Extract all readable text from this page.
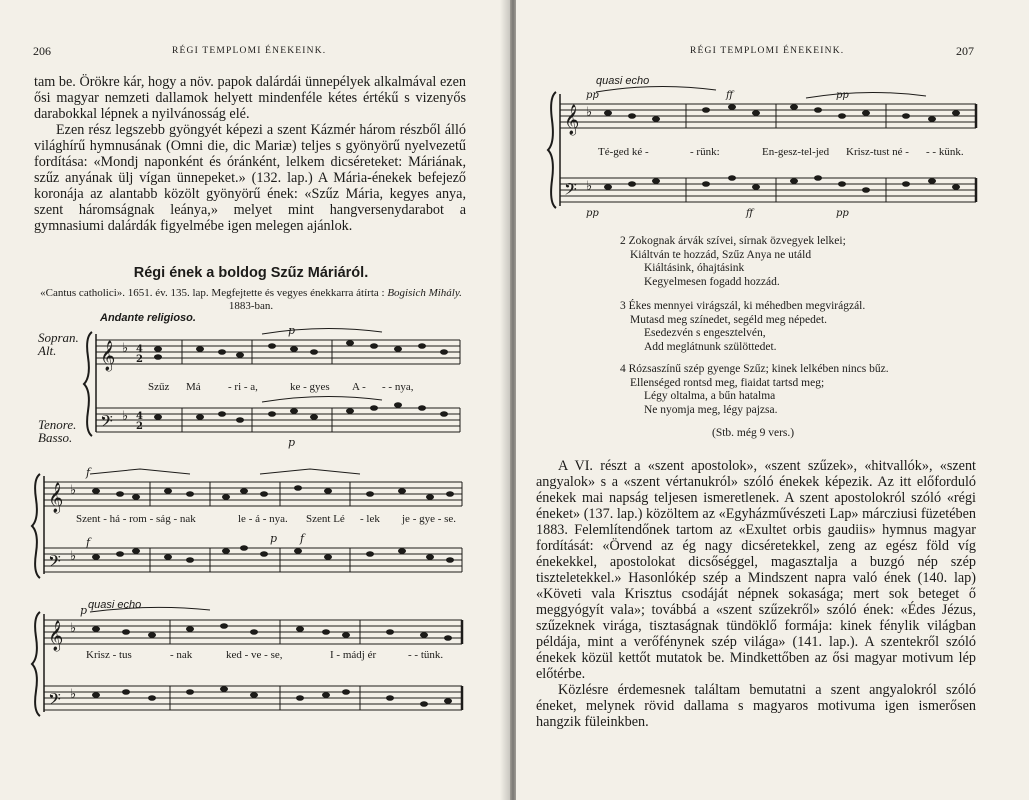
206	RÉGI TEMPLOMI ÉNEKEINK.

tam be. Örökre kár, hogy a növ. papok dalárdái ünnepélyek alkalmával ezen ősi magyar nemzeti dallamok helyett mindenféle kétes értékű s vizenyős darabokkal lépnek a nyilvánosság elé.

Ezen rész legszebb gyöngyét képezi a szent Kázmér három részből álló világhírű hymnusának (Omni die, dic Mariæ) teljes s gyönyörű nyelvezetű fordítása: «Mondj naponként és óránként, lelkem dicséreteket: Máriának, szűz anyának ülj vígan ünnepeket.» (132. lap.) A Mária-énekek befejező koronája az alantabb közölt gyönyörű ének: «Szűz Mária, kegyes anya, szent háromságnak leánya,» melyet mint hangversenydarabot a gymnasiumi dalárdák figyelmébe igen melegen ajánlok.

Régi ének a boldog Szűz Máriáról.
«Cantus catholici». 1651. év. 135. lap. Megfejtette és vegyes énekkarra átírta : Bogisich Mihály. 1883-ban.
Andante religioso.
Sopran.
Alt.
Tenore.
Basso.
𝄞
𝄢
♭
♭
4
2
4
2
p
p
Szűz Má - ri - a,	ke - gyes A - - - nya,
𝄞
𝄢
♭
♭
f
p f
f
Szent - há - rom - ság - nak	le - á - nya. Szent Lé - lek je - gye - se.
quasi echo
𝄞
𝄢
♭
♭
p
Krisz - tus	- nak	ked - ve - se,	I - mádj ér	- - tünk.
RÉGI TEMPLOMI ÉNEKEINK.	207
quasi echo
𝄞
𝄢
♭
♭
pp	ff	pp
pp	ff	pp
Té-ged ké -	- rünk:	En-gesz-tel-jed Krisz-tust né - - - künk.
2 Zokognak árvák szívei, sírnak özvegyek lelkei;
Kiáltván te hozzád, Szűz Anya ne utáld
Kiáltásink, óhajtásink
Kegyelmesen fogadd hozzád.
3 Ékes mennyei virágszál, ki méhedben megvirágzál.
Mutasd meg színedet, segéld meg népedet.
Esedezvén s engesztelvén,
Add meglátnunk szülöttedet.
4 Rózsaszínű szép gyenge Szűz; kinek lelkében nincs bűz.
Ellenséged rontsd meg, fiaidat tartsd meg;
Légy oltalma, a bűn hatalma
Ne nyomja meg, légy pajzsa.
(Stb. még 9 vers.)

A VI. részt a «szent apostolok», «szent szűzek», «hitvallók», «szent angyalok» s a «szent vértanukról» szóló énekek képezik. Az itt előforduló énekek mai napság teljesen ismeretlenek. A szent apostolokról szóló «régi éneket» (137. lap.) közöltem az «Egyházművészeti Lap» márcziusi füzetében 1883. Felemlítendőnek tartom az «Exultet orbis gaudiis» hymnus magyar fordítását: «Örvend az ég nagy dicséretekkel, zeng az egész föld víg énekekkel, apostolokat dicsőséggel, magasztalja a buzgó nép szép tiszteletekkel.» Hasonlókép szép a Mindszent napra való ének (140. lap) «Követi vala Krisztus csodáját népnek sokasága; mert sok beteget ő meggyógyít vala»; továbbá a «szent szűzekről» szóló ének: «Édes Jézus, szűzeknek virága, tisztaságnak tündöklő formája: kinek fénylik világban példája, mint a verőfénynek szép világa» (141. lap.). A szentekről szóló énekek közül kettőt mutatok be. Mindkettőben az ősi magyar motivum lép előtérbe.

Közlésre érdemesnek találtam bemutatni a szent angyalokról szóló éneket, melynek rövid dallama s magyaros motivuma igen ismerősen hangzik füleinkben.
